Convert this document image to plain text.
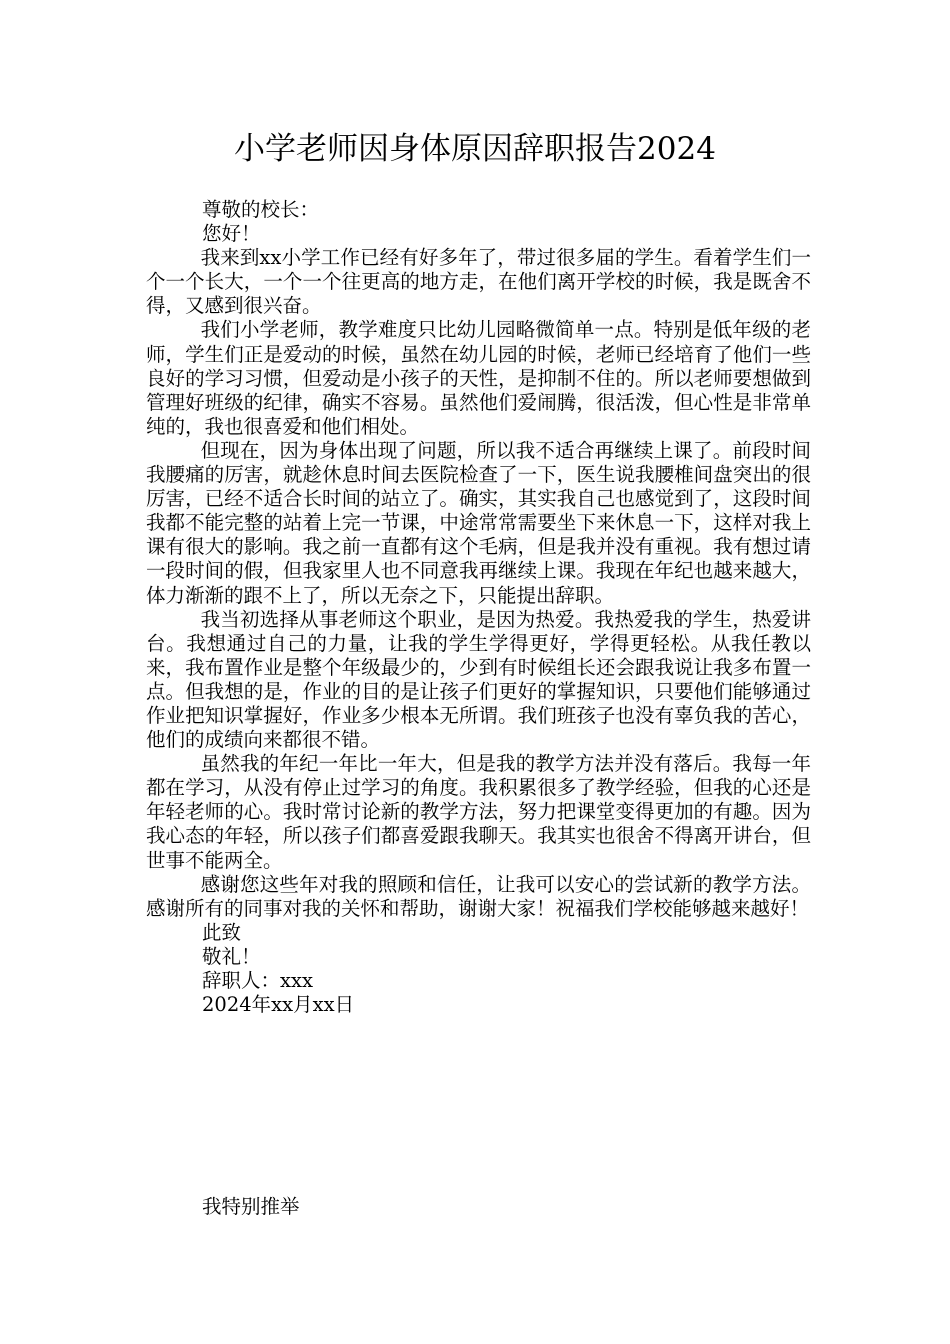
小学老师因身体原因辞职报告2024

尊敬的校长：

您好！

我来到xx小学工作已经有好多年了，带过很多届的学生。看着学生们一个一个长大，一个一个往更高的地方走，在他们离开学校的时候，我是既舍不得，又感到很兴奋。

我们小学老师，教学难度只比幼儿园略微简单一点。特别是低年级的老师，学生们正是爱动的时候，虽然在幼儿园的时候，老师已经培育了他们一些良好的学习习惯，但爱动是小孩子的天性，是抑制不住的。所以老师要想做到管理好班级的纪律，确实不容易。虽然他们爱闹腾，很活泼，但心性是非常单纯的，我也很喜爱和他们相处。

但现在，因为身体出现了问题，所以我不适合再继续上课了。前段时间我腰痛的厉害，就趁休息时间去医院检查了一下，医生说我腰椎间盘突出的很厉害，已经不适合长时间的站立了。确实，其实我自己也感觉到了，这段时间我都不能完整的站着上完一节课，中途常常需要坐下来休息一下，这样对我上课有很大的影响。我之前一直都有这个毛病，但是我并没有重视。我有想过请一段时间的假，但我家里人也不同意我再继续上课。我现在年纪也越来越大，体力渐渐的跟不上了，所以无奈之下，只能提出辞职。

我当初选择从事老师这个职业，是因为热爱。我热爱我的学生，热爱讲台。我想通过自己的力量，让我的学生学得更好，学得更轻松。从我任教以来，我布置作业是整个年级最少的，少到有时候组长还会跟我说让我多布置一点。但我想的是，作业的目的是让孩子们更好的掌握知识，只要他们能够通过作业把知识掌握好，作业多少根本无所谓。我们班孩子也没有辜负我的苦心，他们的成绩向来都很不错。

虽然我的年纪一年比一年大，但是我的教学方法并没有落后。我每一年都在学习，从没有停止过学习的角度。我积累很多了教学经验，但我的心还是年轻老师的心。我时常讨论新的教学方法，努力把课堂变得更加的有趣。因为我心态的年轻，所以孩子们都喜爱跟我聊天。我其实也很舍不得离开讲台，但世事不能两全。

感谢您这些年对我的照顾和信任，让我可以安心的尝试新的教学方法。感谢所有的同事对我的关怀和帮助，谢谢大家！祝福我们学校能够越来越好！

此致

敬礼！

辞职人：xxx

2024年xx月xx日

我特别推举
